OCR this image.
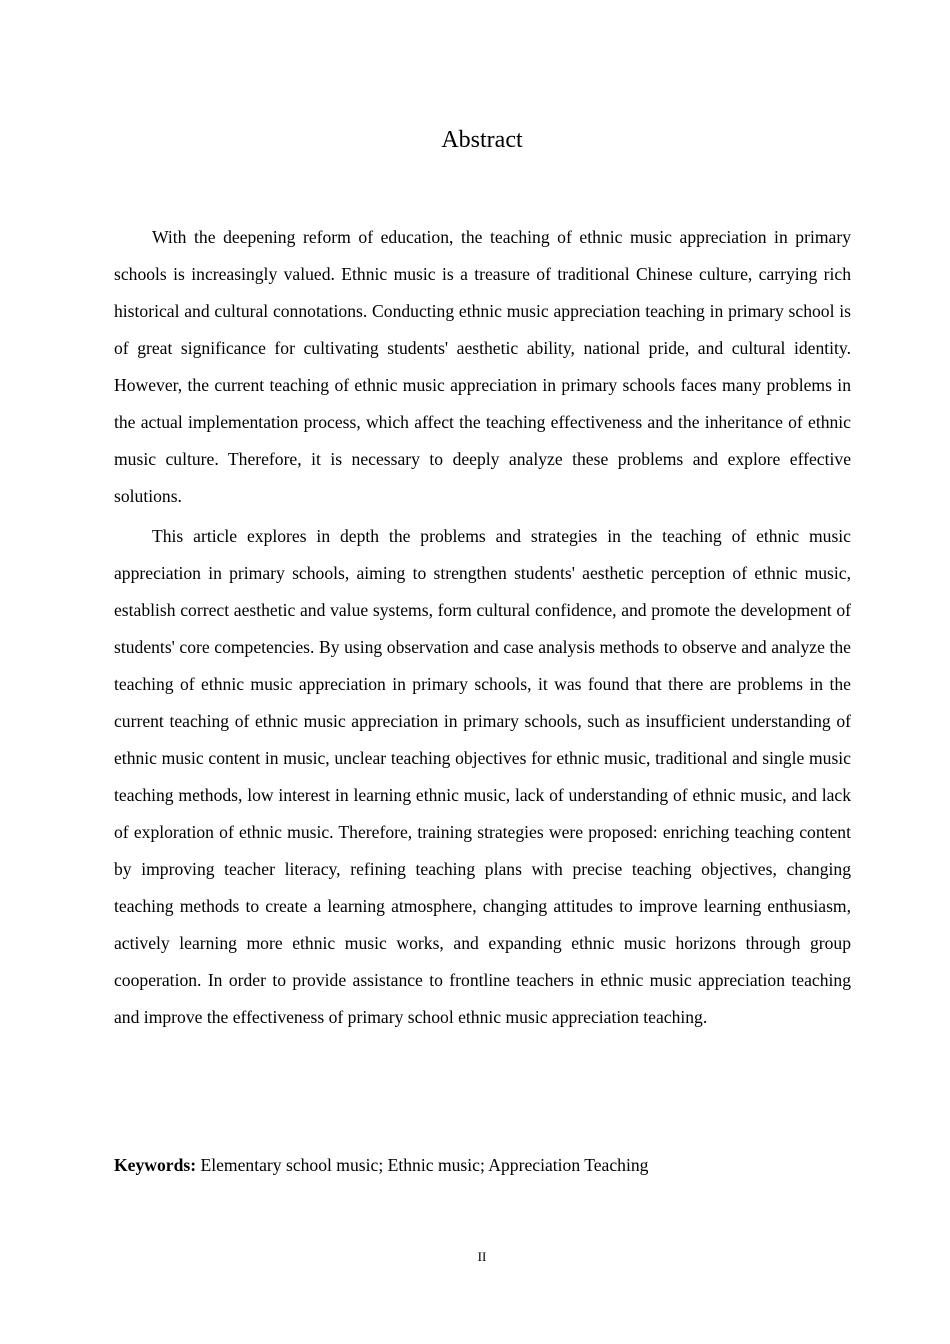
Abstract

With the deepening reform of education, the teaching of ethnic music appreciation in primary schools is increasingly valued. Ethnic music is a treasure of traditional Chinese culture, carrying rich historical and cultural connotations. Conducting ethnic music appreciation teaching in primary school is of great significance for cultivating students' aesthetic ability, national pride, and cultural identity. However, the current teaching of ethnic music appreciation in primary schools faces many problems in the actual implementation process, which affect the teaching effectiveness and the inheritance of ethnic music culture. Therefore, it is necessary to deeply analyze these problems and explore effective solutions.

This article explores in depth the problems and strategies in the teaching of ethnic music appreciation in primary schools, aiming to strengthen students' aesthetic perception of ethnic music, establish correct aesthetic and value systems, form cultural confidence, and promote the development of students' core competencies. By using observation and case analysis methods to observe and analyze the teaching of ethnic music appreciation in primary schools, it was found that there are problems in the current teaching of ethnic music appreciation in primary schools, such as insufficient understanding of ethnic music content in music, unclear teaching objectives for ethnic music, traditional and single music teaching methods, low interest in learning ethnic music, lack of understanding of ethnic music, and lack of exploration of ethnic music. Therefore, training strategies were proposed: enriching teaching content by improving teacher literacy, refining teaching plans with precise teaching objectives, changing teaching methods to create a learning atmosphere, changing attitudes to improve learning enthusiasm, actively learning more ethnic music works, and expanding ethnic music horizons through group cooperation. In order to provide assistance to frontline teachers in ethnic music appreciation teaching and improve the effectiveness of primary school ethnic music appreciation teaching.

Keywords: Elementary school music; Ethnic music; Appreciation Teaching
II
